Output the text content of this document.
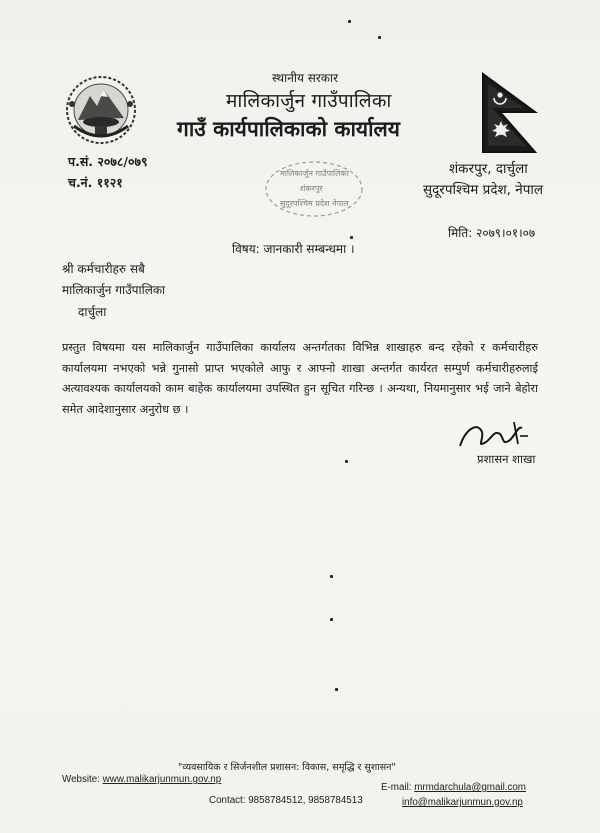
स्थानीय सरकार
मालिकार्जुन गाउँपालिका
गाउँ कार्यपालिकाको कार्यालय
प.सं. २०७८/०७९
च.नं. ११२१
शंकरपुर, दार्चुला
सुदूरपश्चिम प्रदेश, नेपाल
मिति: २०७९।०१।०७
मालिकार्जुन गाउँपालिका
शंकरपुर
सुदूरपश्चिम प्रदेश नेपाल
विषय: जानकारी सम्बन्धमा ।
श्री कर्मचारीहरु सबै
मालिकार्जुन गाउँपालिका
दार्चुला
प्रस्तुत विषयमा यस मालिकार्जुन गाउँपालिका कार्यालय अन्तर्गतका विभिन्न शाखाहरु बन्द रहेको र कर्मचारीहरु कार्यालयमा नभएको भन्ने गुनासो प्राप्त भएकोले आफु र आफ्नो शाखा अन्तर्गत कार्यरत सम्पुर्ण कर्मचारीहरुलाई अत्यावश्यक कार्यालयको काम बाहेक कार्यालयमा उपस्थित हुन सूचित गरिन्छ । अन्यथा, नियमानुसार भई जाने बेहोरा समेत आदेशानुसार अनुरोध छ ।
प्रशासन शाखा
"व्यवसायिक र सिर्जनशील प्रशासन: विकास, समृद्धि र सुशासन"
Website: www.malikarjunmun.gov.np
E-mail: mrmdarchula@gmail.com
Contact: 9858784512, 9858784513	info@malikarjunmun.gov.np
